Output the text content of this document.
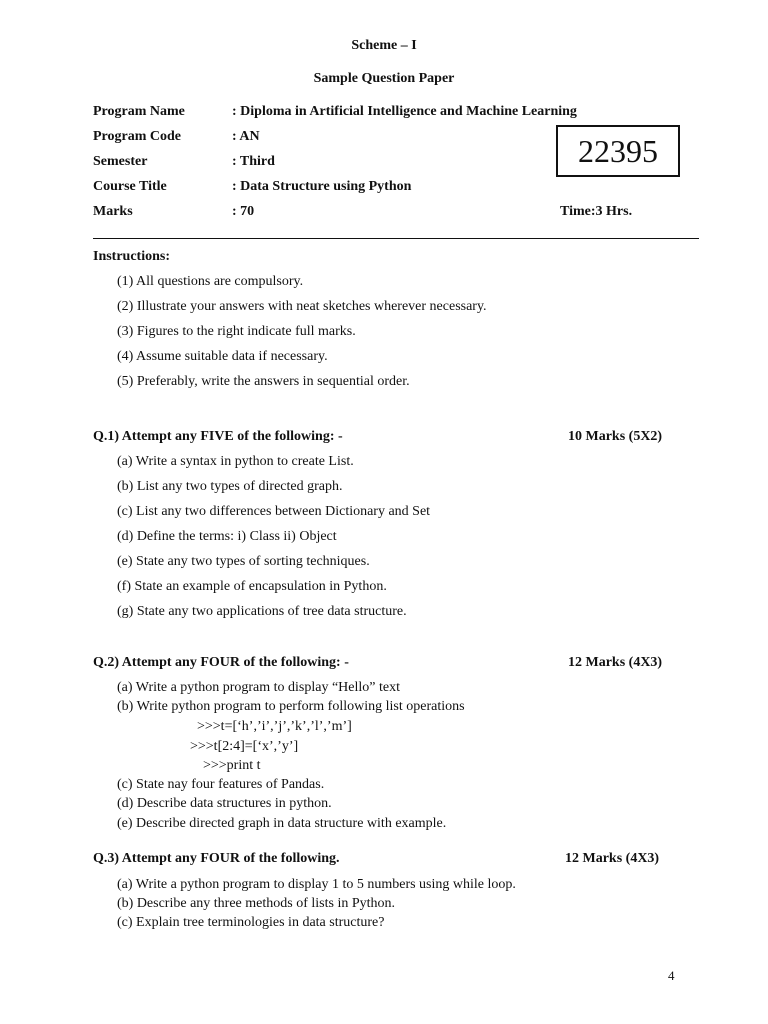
Scheme – I
Sample Question Paper
Program Name	: Diploma in Artificial Intelligence and Machine Learning
Program Code	: AN
Semester	: Third
Course Title	: Data Structure using Python
Marks	: 70	Time:3 Hrs.
22395
Instructions:
(1) All questions are compulsory.
(2) Illustrate your answers with neat sketches wherever necessary.
(3) Figures to the right indicate full marks.
(4) Assume suitable data if necessary.
(5) Preferably, write the answers in sequential order.
Q.1) Attempt any FIVE of the following: -	10 Marks (5X2)
(a) Write a syntax in python to create List.
(b) List any two types of directed graph.
(c) List any two differences between Dictionary and Set
(d) Define the terms: i) Class ii) Object
(e) State any two types of sorting techniques.
(f) State an example of encapsulation in Python.
(g) State any two applications of tree data structure.
Q.2) Attempt any FOUR of the following: -	12 Marks (4X3)
(a) Write a python program to display “Hello” text
(b) Write python program to perform following list operations
>>>t=[‘h’,’i’,’j’,’k’,’l’,’m’]
>>>t[2:4]=[‘x’,’y’]
>>>print t
(c) State nay four features of Pandas.
(d) Describe data structures in python.
(e) Describe directed graph in data structure with example.
Q.3) Attempt any FOUR of the following.	12 Marks (4X3)
(a) Write a python program to display 1 to 5 numbers using while loop.
(b) Describe any three methods of lists in Python.
(c) Explain tree terminologies in data structure?
4
